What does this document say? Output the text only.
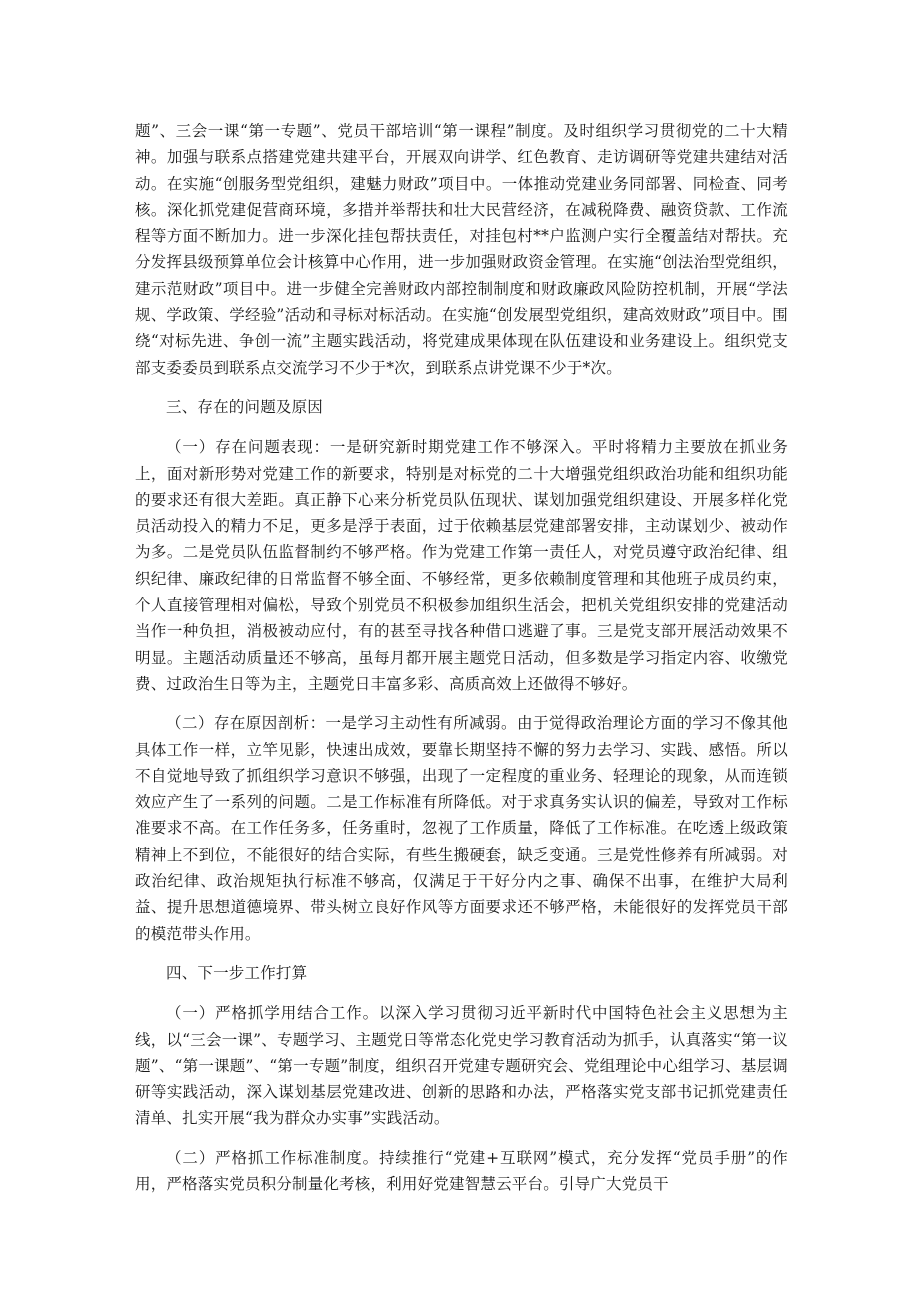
题”、三会一课“第一专题”、党员干部培训“第一课程”制度。及时组织学习贯彻党的二十大精神。加强与联系点搭建党建共建平台，开展双向讲学、红色教育、走访调研等党建共建结对活动。在实施“创服务型党组织，建魅力财政”项目中。一体推动党建业务同部署、同检查、同考核。深化抓党建促营商环境，多措并举帮扶和壮大民营经济，在减税降费、融资贷款、工作流程等方面不断加力。进一步深化挂包帮扶责任，对挂包村**户监测户实行全覆盖结对帮扶。充分发挥县级预算单位会计核算中心作用，进一步加强财政资金管理。在实施“创法治型党组织，建示范财政”项目中。进一步健全完善财政内部控制制度和财政廉政风险防控机制，开展“学法规、学政策、学经验”活动和寻标对标活动。在实施“创发展型党组织，建高效财政”项目中。围绕“对标先进、争创一流”主题实践活动，将党建成果体现在队伍建设和业务建设上。组织党支部支委委员到联系点交流学习不少于*次，到联系点讲党课不少于*次。

三、存在的问题及原因

（一）存在问题表现：一是研究新时期党建工作不够深入。平时将精力主要放在抓业务上，面对新形势对党建工作的新要求，特别是对标党的二十大增强党组织政治功能和组织功能的要求还有很大差距。真正静下心来分析党员队伍现状、谋划加强党组织建设、开展多样化党员活动投入的精力不足，更多是浮于表面，过于依赖基层党建部署安排，主动谋划少、被动作为多。二是党员队伍监督制约不够严格。作为党建工作第一责任人，对党员遵守政治纪律、组织纪律、廉政纪律的日常监督不够全面、不够经常，更多依赖制度管理和其他班子成员约束，个人直接管理相对偏松，导致个别党员不积极参加组织生活会，把机关党组织安排的党建活动当作一种负担，消极被动应付，有的甚至寻找各种借口逃避了事。三是党支部开展活动效果不明显。主题活动质量还不够高，虽每月都开展主题党日活动，但多数是学习指定内容、收缴党费、过政治生日等为主，主题党日丰富多彩、高质高效上还做得不够好。

（二）存在原因剖析：一是学习主动性有所减弱。由于觉得政治理论方面的学习不像其他具体工作一样，立竿见影，快速出成效，要靠长期坚持不懈的努力去学习、实践、感悟。所以不自觉地导致了抓组织学习意识不够强，出现了一定程度的重业务、轻理论的现象，从而连锁效应产生了一系列的问题。二是工作标准有所降低。对于求真务实认识的偏差，导致对工作标准要求不高。在工作任务多，任务重时，忽视了工作质量，降低了工作标准。在吃透上级政策精神上不到位，不能很好的结合实际，有些生搬硬套，缺乏变通。三是党性修养有所减弱。对政治纪律、政治规矩执行标准不够高，仅满足于干好分内之事、确保不出事，在维护大局利益、提升思想道德境界、带头树立良好作风等方面要求还不够严格，未能很好的发挥党员干部的模范带头作用。

四、下一步工作打算

（一）严格抓学用结合工作。以深入学习贯彻习近平新时代中国特色社会主义思想为主线，以“三会一课”、专题学习、主题党日等常态化党史学习教育活动为抓手，认真落实“第一议题”、“第一课题”、“第一专题”制度，组织召开党建专题研究会、党组理论中心组学习、基层调研等实践活动，深入谋划基层党建改进、创新的思路和办法，严格落实党支部书记抓党建责任清单、扎实开展“我为群众办实事”实践活动。

（二）严格抓工作标准制度。持续推行“党建+互联网”模式，充分发挥“党员手册”的作用，严格落实党员积分制量化考核，利用好党建智慧云平台。引导广大党员干
